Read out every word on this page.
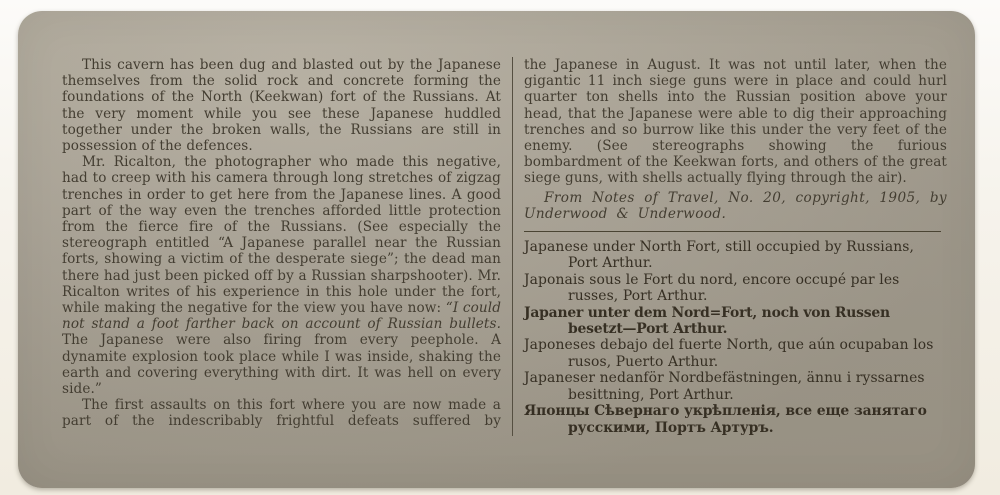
This cavern has been dug and blasted out by the Japanese themselves from the solid rock and concrete forming the foundations of the North (Keekwan) fort of the Russians. At the very moment while you see these Japanese huddled together under the broken walls, the Russians are still in possession of the defences.

Mr. Ricalton, the photographer who made this negative, had to creep with his camera through long stretches of zigzag trenches in order to get here from the Japanese lines. A good part of the way even the trenches afforded little protection from the fierce fire of the Russians. (See especially the stereograph entitled “A Japanese parallel near the Russian forts, showing a victim of the desperate siege”; the dead man there had just been picked off by a Russian sharpshooter). Mr. Ricalton writes of his experience in this hole under the fort, while making the negative for the view you have now: “I could not stand a foot farther back on account of Russian bullets. The Japanese were also firing from every peephole. A dynamite explosion took place while I was inside, shaking the earth and covering everything with dirt. It was hell on every side.”

The first assaults on this fort where you are now made a part of the indescribably frightful defeats suffered by

the Japanese in August. It was not until later, when the gigantic 11 inch siege guns were in place and could hurl quarter ton shells into the Russian position above your head, that the Japanese were able to dig their approaching trenches and so burrow like this under the very feet of the enemy. (See stereographs showing the furious bombardment of the Keekwan forts, and others of the great siege guns, with shells actually flying through the air).

From Notes of Travel, No. 20, copyright, 1905, by Underwood & Underwood.

Japanese under North Fort, still occupied by Russians, Port Arthur.

Japonais sous le Fort du nord, encore occupé par les russes, Port Arthur.

Japaner unter dem Nord=Fort, noch von Russen besetzt—Port Arthur.

Japoneses debajo del fuerte North, que aún ocupaban los rusos, Puerto Arthur.

Japaneser nedanför Nordbefästningen, ännu i ryssarnes besittning, Port Arthur.

Японцы Сѣвернаго укрѣпленія, все еще занятаго русскими, Портъ Артуръ.
